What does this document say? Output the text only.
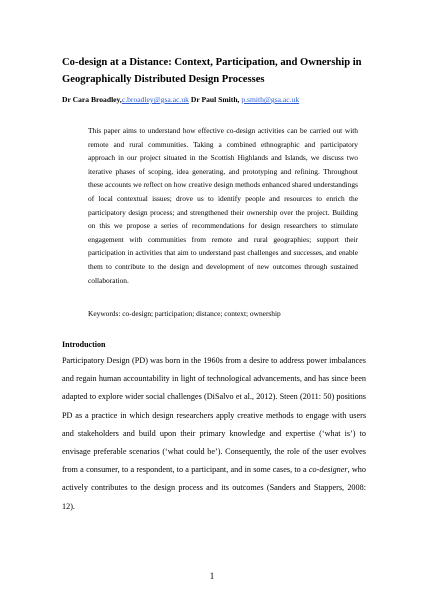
Co-design at a Distance: Context, Participation, and Ownership in Geographically Distributed Design Processes
Dr Cara Broadley,c.broadley@gsa.ac.uk Dr Paul Smith, p.smith@gsa.ac.uk
This paper aims to understand how effective co-design activities can be carried out with remote and rural communities. Taking a combined ethnographic and participatory approach in our project situated in the Scottish Highlands and Islands, we discuss two iterative phases of scoping, idea generating, and prototyping and refining. Throughout these accounts we reflect on how creative design methods enhanced shared understandings of local contextual issues; drove us to identify people and resources to enrich the participatory design process; and strengthened their ownership over the project. Building on this we propose a series of recommendations for design researchers to stimulate engagement with communities from remote and rural geographies; support their participation in activities that aim to understand past challenges and successes, and enable them to contribute to the design and development of new outcomes through sustained collaboration.
Keywords: co-design; participation; distance; context; ownership
Introduction
Participatory Design (PD) was born in the 1960s from a desire to address power imbalances and regain human accountability in light of technological advancements, and has since been adapted to explore wider social challenges (DiSalvo et al., 2012). Steen (2011: 50) positions PD as a practice in which design researchers apply creative methods to engage with users and stakeholders and build upon their primary knowledge and expertise (‘what is’) to envisage preferable scenarios (‘what could be’). Consequently, the role of the user evolves from a consumer, to a respondent, to a participant, and in some cases, to a co-designer, who actively contributes to the design process and its outcomes (Sanders and Stappers, 2008: 12).
1
